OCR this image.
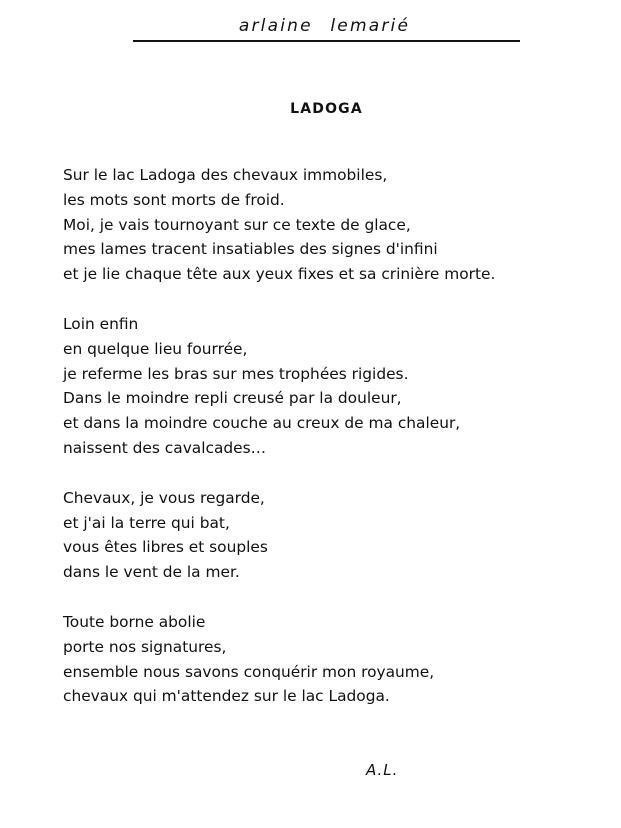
arlaine lemarié
LADOGA
Sur le lac Ladoga des chevaux immobiles,
les mots sont morts de froid.
Moi, je vais tournoyant sur ce texte de glace,
mes lames tracent insatiables des signes d'infini
et je lie chaque tête aux yeux fixes et sa crinière morte.
Loin enfin
en quelque lieu fourrée,
je referme les bras sur mes trophées rigides.
Dans le moindre repli creusé par la douleur,
et dans la moindre couche au creux de ma chaleur,
naissent des cavalcades…
Chevaux, je vous regarde,
et j'ai la terre qui bat,
vous êtes libres et souples
dans le vent de la mer.
Toute borne abolie
porte nos signatures,
ensemble nous savons conquérir mon royaume,
chevaux qui m'attendez sur le lac Ladoga.
A.L.
